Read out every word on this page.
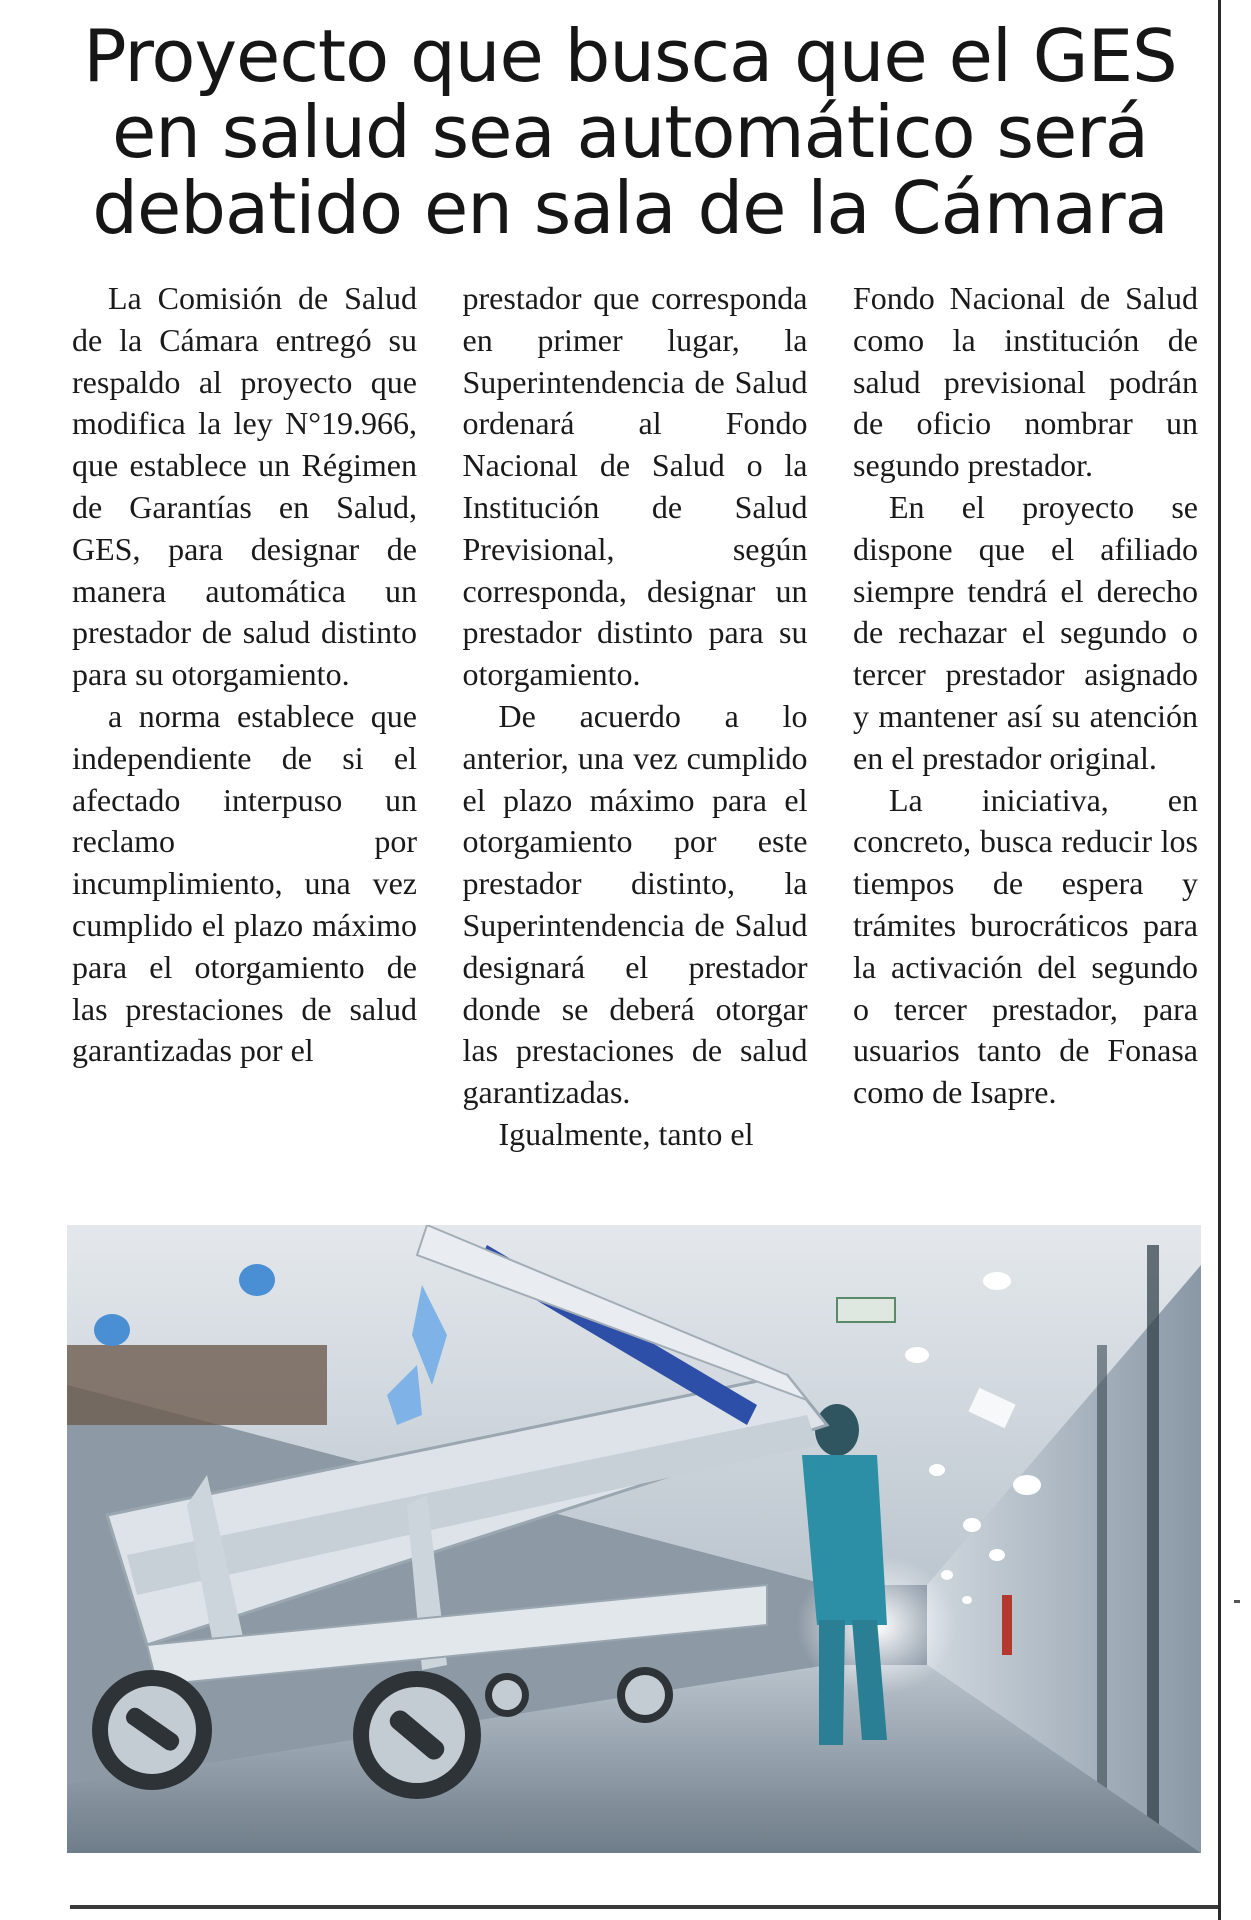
Proyecto que busca que el GES en salud sea automático será debatido en sala de la Cámara

La Comisión de Salud de la Cámara entregó su respaldo al proyecto que modifica la ley N°19.966, que establece un Régimen de Garantías en Salud, GES, para designar de manera automática un prestador de salud distinto para su otorgamiento.

a norma establece que independiente de si el afectado interpuso un reclamo por incumplimiento, una vez cumplido el plazo máximo para el otorgamiento de las prestaciones de salud garantizadas por el

prestador que corresponda en primer lugar, la Superintendencia de Salud ordenará al Fondo Nacional de Salud o la Institución de Salud Previsional, según corresponda, designar un prestador distinto para su otorgamiento.

De acuerdo a lo anterior, una vez cumplido el plazo máximo para el otorgamiento por este prestador distinto, la Superintendencia de Salud designará el prestador donde se deberá otorgar las prestaciones de salud garantizadas.

Igualmente, tanto el

Fondo Nacional de Salud como la institución de salud previsional podrán de oficio nombrar un segundo prestador.

En el proyecto se dispone que el afiliado siempre tendrá el derecho de rechazar el segundo o tercer prestador asignado y mantener así su atención en el prestador original.

La iniciativa, en concreto, busca reducir los tiempos de espera y trámites burocráticos para la activación del segundo o tercer prestador, para usuarios tanto de Fonasa como de Isapre.
